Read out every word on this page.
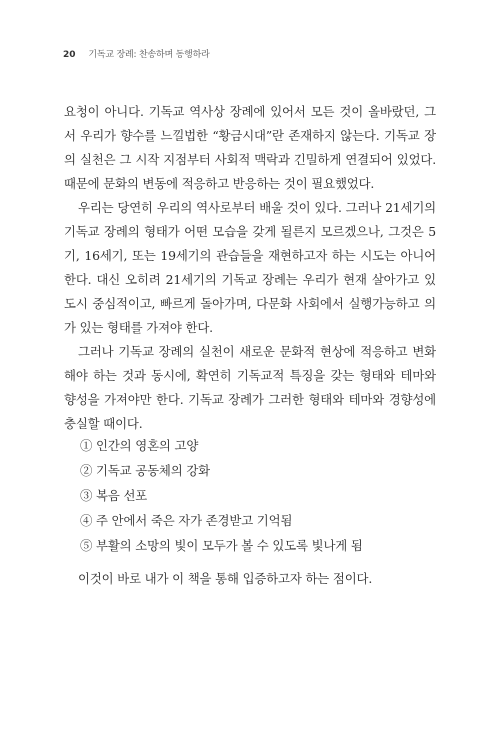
20 기독교 장례: 찬송하며 동행하라
요청이 아니다. 기독교 역사상 장례에 있어서 모든 것이 올바랐던, 그
서 우리가 향수를 느낄법한 “황금시대”란 존재하지 않는다. 기독교 장
의 실천은 그 시작 지점부터 사회적 맥락과 긴밀하게 연결되어 있었다.
때문에 문화의 변동에 적응하고 반응하는 것이 필요했었다.
우리는 당연히 우리의 역사로부터 배울 것이 있다. 그러나 21세기의
기독교 장례의 형태가 어떤 모습을 갖게 될른지 모르겠으나, 그것은 5
기, 16세기, 또는 19세기의 관습들을 재현하고자 하는 시도는 아니어
한다. 대신 오히려 21세기의 기독교 장례는 우리가 현재 살아가고 있
도시 중심적이고, 빠르게 돌아가며, 다문화 사회에서 실행가능하고 의
가 있는 형태를 가져야 한다.
그러나 기독교 장례의 실천이 새로운 문화적 현상에 적응하고 변화
해야 하는 것과 동시에, 확연히 기독교적 특징을 갖는 형태와 테마와
향성을 가져야만 한다. 기독교 장례가 그러한 형태와 테마와 경향성에
충실할 때이다.
① 인간의 영혼의 고양
② 기독교 공동체의 강화
③ 복음 선포
④ 주 안에서 죽은 자가 존경받고 기억됨
⑤ 부활의 소망의 빛이 모두가 볼 수 있도록 빛나게 됨
이것이 바로 내가 이 책을 통해 입증하고자 하는 점이다.
